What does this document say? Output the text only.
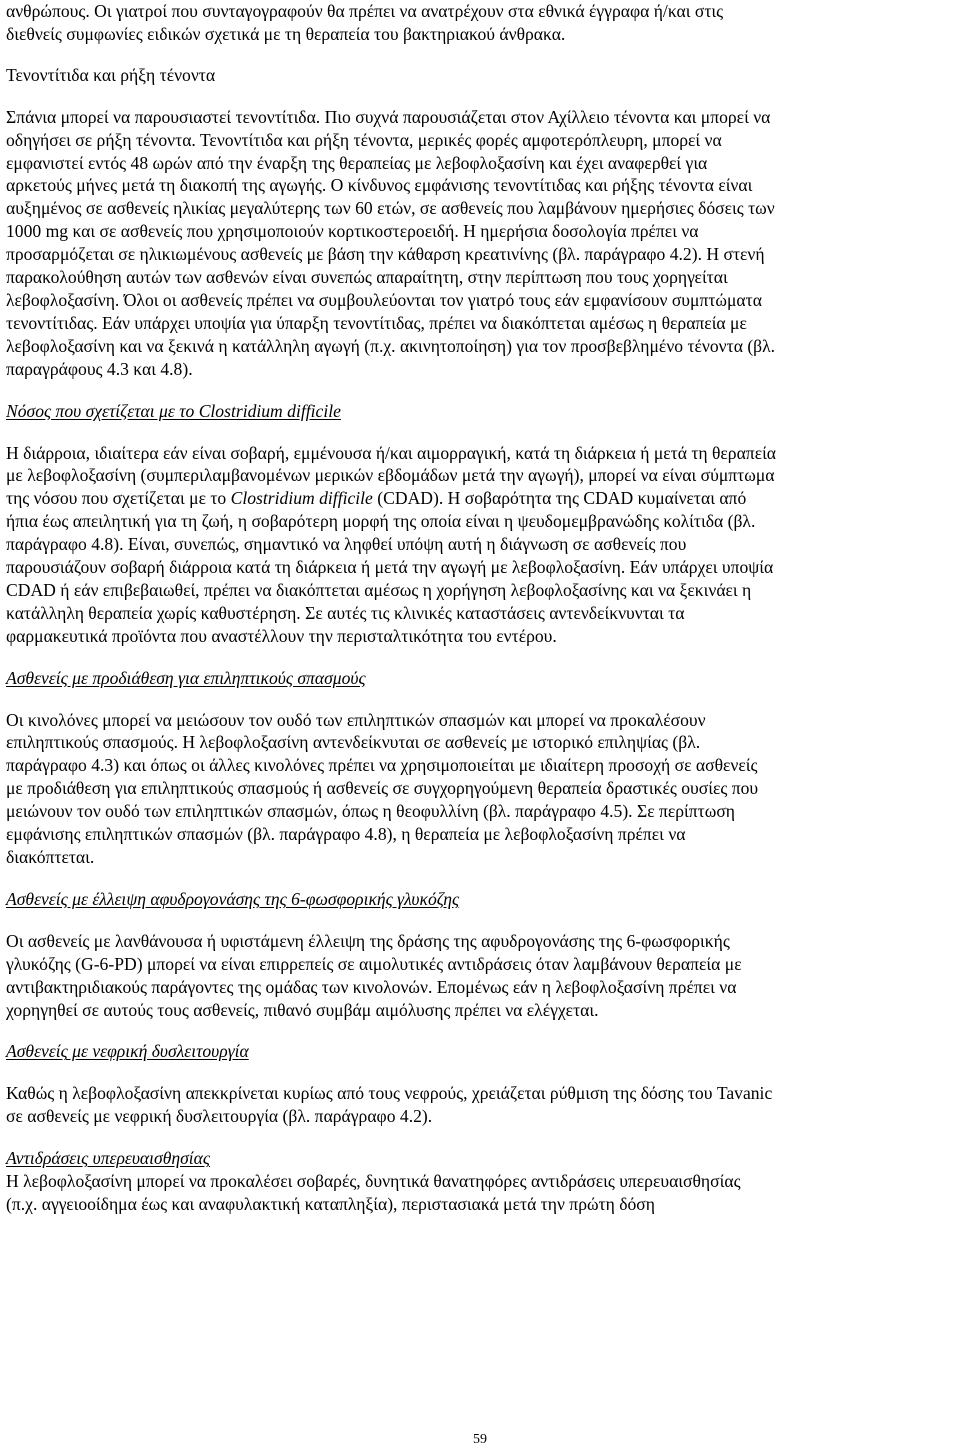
ανθρώπους. Οι γιατροί που συνταγογραφούν θα πρέπει να ανατρέχουν στα εθνικά έγγραφα ή/και στις
διεθνείς συμφωνίες ειδικών σχετικά με τη θεραπεία του βακτηριακού άνθρακα.
Τενοντίτιδα και ρήξη τένοντα
Σπάνια μπορεί να παρουσιαστεί τενοντίτιδα. Πιο συχνά παρουσιάζεται στον Αχίλλειο τένοντα και μπορεί να
οδηγήσει σε ρήξη τένοντα. Τενοντίτιδα και ρήξη τένοντα, μερικές φορές αμφοτερόπλευρη, μπορεί να
εμφανιστεί εντός 48 ωρών από την έναρξη της θεραπείας με λεβοφλοξασίνη και έχει αναφερθεί για
αρκετούς μήνες μετά τη διακοπή της αγωγής. Ο κίνδυνος εμφάνισης τενοντίτιδας και ρήξης τένοντα είναι
αυξημένος σε ασθενείς ηλικίας μεγαλύτερης των 60 ετών, σε ασθενείς που λαμβάνουν ημερήσιες δόσεις των
1000 mg και σε ασθενείς που χρησιμοποιούν κορτικοστεροειδή. Η ημερήσια δοσολογία πρέπει να
προσαρμόζεται σε ηλικιωμένους ασθενείς με βάση την κάθαρση κρεατινίνης (βλ. παράγραφο 4.2). Η στενή
παρακολούθηση αυτών των ασθενών είναι συνεπώς απαραίτητη, στην περίπτωση που τους χορηγείται
λεβοφλοξασίνη. Όλοι οι ασθενείς πρέπει να συμβουλεύονται τον γιατρό τους εάν εμφανίσουν συμπτώματα
τενοντίτιδας. Εάν υπάρχει υποψία για ύπαρξη τενοντίτιδας, πρέπει να διακόπτεται αμέσως η θεραπεία με
λεβοφλοξασίνη και να ξεκινά η κατάλληλη αγωγή (π.χ. ακινητοποίηση) για τον προσβεβλημένο τένοντα (βλ.
παραγράφους 4.3 και 4.8).
Νόσος που σχετίζεται με το Clostridium difficile
Η διάρροια, ιδιαίτερα εάν είναι σοβαρή, εμμένουσα ή/και αιμορραγική, κατά τη διάρκεια ή μετά τη θεραπεία
με λεβοφλοξασίνη (συμπεριλαμβανομένων μερικών εβδομάδων μετά την αγωγή), μπορεί να είναι σύμπτωμα
της νόσου που σχετίζεται με το Clostridium difficile (CDAD). Η σοβαρότητα της CDAD κυμαίνεται από
ήπια έως απειλητική για τη ζωή, η σοβαρότερη μορφή της οποία είναι η ψευδομεμβρανώδης κολίτιδα (βλ.
παράγραφο 4.8). Είναι, συνεπώς, σημαντικό να ληφθεί υπόψη αυτή η διάγνωση σε ασθενείς που
παρουσιάζουν σοβαρή διάρροια κατά τη διάρκεια ή μετά την αγωγή με λεβοφλοξασίνη. Εάν υπάρχει υποψία
CDAD ή εάν επιβεβαιωθεί, πρέπει να διακόπτεται αμέσως η χορήγηση λεβοφλοξασίνης και να ξεκινάει η
κατάλληλη θεραπεία χωρίς καθυστέρηση. Σε αυτές τις κλινικές καταστάσεις αντενδείκνυνται τα
φαρμακευτικά προϊόντα που αναστέλλουν την περισταλτικότητα του εντέρου.
Ασθενείς με προδιάθεση για επιληπτικούς σπασμούς
Οι κινολόνες μπορεί να μειώσουν τον ουδό των επιληπτικών σπασμών και μπορεί να προκαλέσουν
επιληπτικούς σπασμούς. Η λεβοφλοξασίνη αντενδείκνυται σε ασθενείς με ιστορικό επιληψίας (βλ.
παράγραφο 4.3) και όπως οι άλλες κινολόνες πρέπει να χρησιμοποιείται με ιδιαίτερη προσοχή σε ασθενείς
με προδιάθεση για επιληπτικούς σπασμούς ή ασθενείς σε συγχορηγούμενη θεραπεία δραστικές ουσίες που
μειώνουν τον ουδό των επιληπτικών σπασμών, όπως η θεοφυλλίνη (βλ. παράγραφο 4.5). Σε περίπτωση
εμφάνισης επιληπτικών σπασμών (βλ. παράγραφο 4.8), η θεραπεία με λεβοφλοξασίνη πρέπει να
διακόπτεται.
Ασθενείς με έλλειψη αφυδρογονάσης της 6-φωσφορικής γλυκόζης
Οι ασθενείς με λανθάνουσα ή υφιστάμενη έλλειψη της δράσης της αφυδρογονάσης της 6-φωσφορικής
γλυκόζης (G-6-PD) μπορεί να είναι επιρρεπείς σε αιμολυτικές αντιδράσεις όταν λαμβάνουν θεραπεία με
αντιβακτηριδιακούς παράγοντες της ομάδας των κινολονών. Επομένως εάν η λεβοφλοξασίνη πρέπει να
χορηγηθεί σε αυτούς τους ασθενείς, πιθανό συμβάμ αιμόλυσης πρέπει να ελέγχεται.
Ασθενείς με νεφρική δυσλειτουργία
Καθώς η λεβοφλοξασίνη απεκκρίνεται κυρίως από τους νεφρούς, χρειάζεται ρύθμιση της δόσης του Tavanic
σε ασθενείς με νεφρική δυσλειτουργία (βλ. παράγραφο 4.2).
Αντιδράσεις υπερευαισθησίας
Η λεβοφλοξασίνη μπορεί να προκαλέσει σοβαρές, δυνητικά θανατηφόρες αντιδράσεις υπερευαισθησίας
(π.χ. αγγειοοίδημα έως και αναφυλακτική καταπληξία), περιστασιακά μετά την πρώτη δόση
59
